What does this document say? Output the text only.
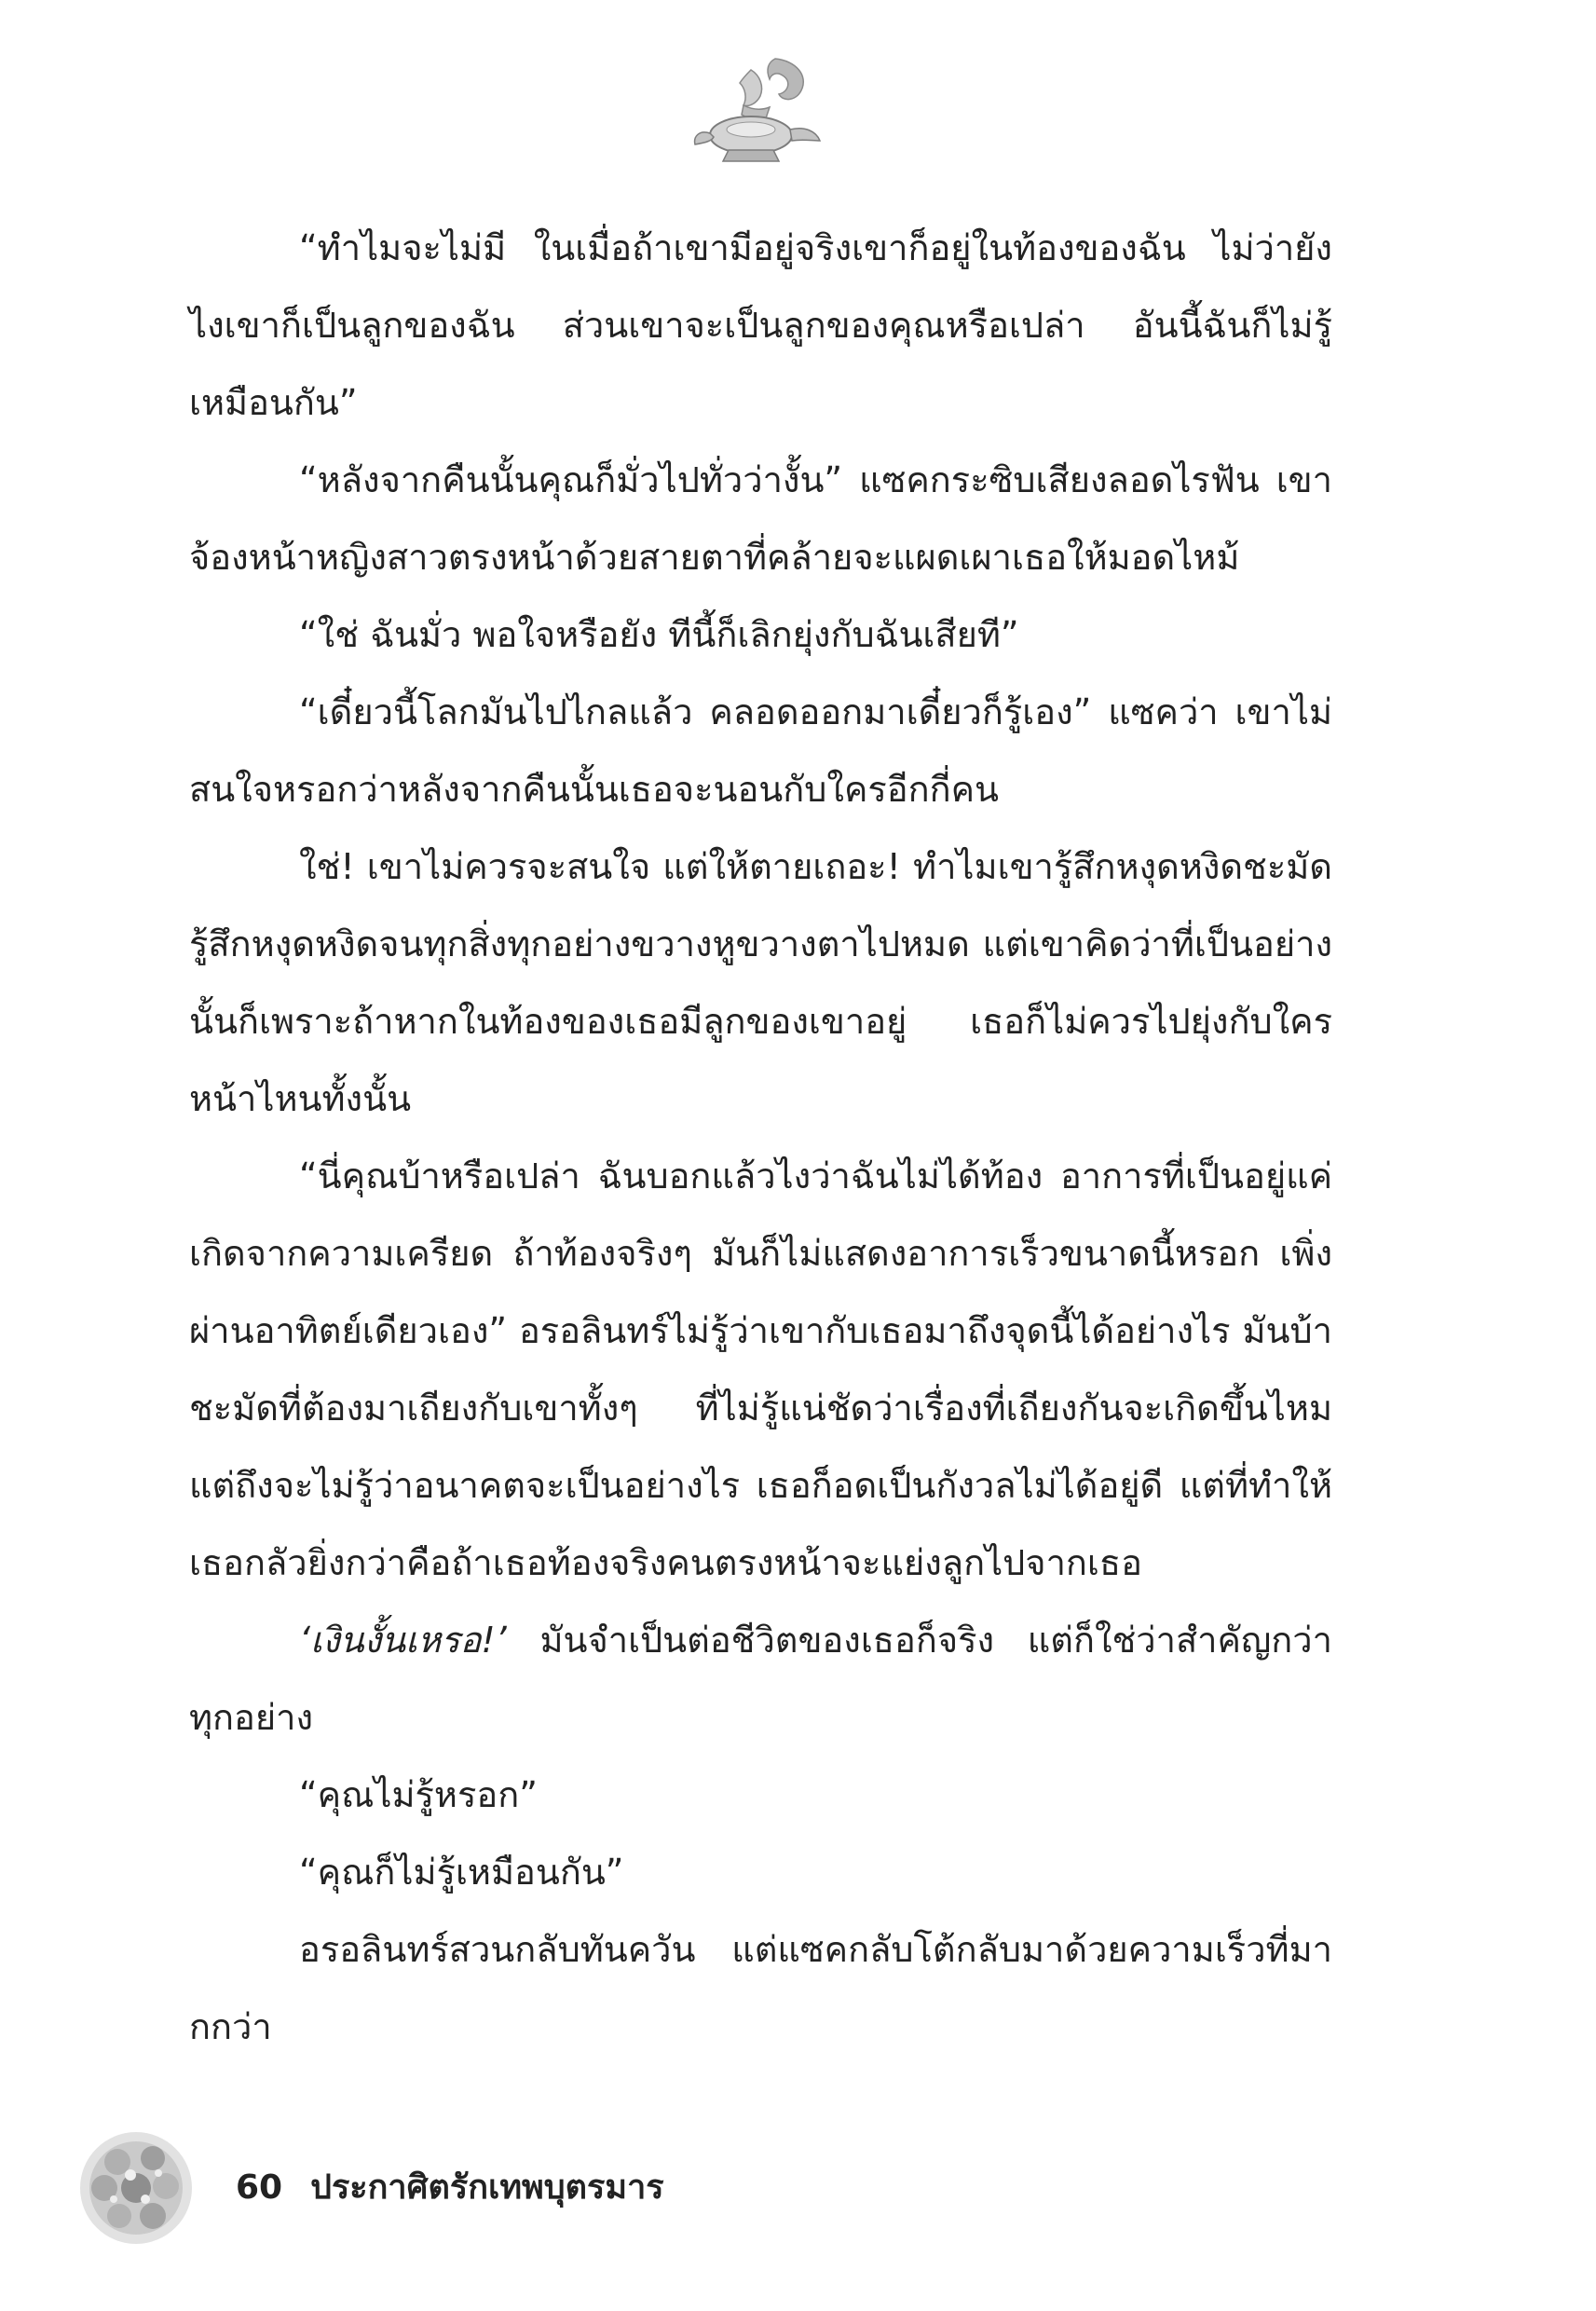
“ทำไมจะไม่มี ในเมื่อถ้าเขามีอยู่จริงเขาก็อยู่ในท้องของฉัน ไม่ว่ายังไงเขาก็เป็นลูกของฉัน ส่วนเขาจะเป็นลูกของคุณหรือเปล่า อันนี้ฉันก็ไม่รู้เหมือนกัน”

“หลังจากคืนนั้นคุณก็มั่วไปทั่วว่างั้น” แซคกระซิบเสียงลอดไรฟัน เขาจ้องหน้าหญิงสาวตรงหน้าด้วยสายตาที่คล้ายจะแผดเผาเธอให้มอดไหม้

“ใช่ ฉันมั่ว พอใจหรือยัง ทีนี้ก็เลิกยุ่งกับฉันเสียที”

“เดี๋ยวนี้โลกมันไปไกลแล้ว คลอดออกมาเดี๋ยวก็รู้เอง” แซคว่า เขาไม่สนใจหรอกว่าหลังจากคืนนั้นเธอจะนอนกับใครอีกกี่คน

ใช่! เขาไม่ควรจะสนใจ แต่ให้ตายเถอะ! ทำไมเขารู้สึกหงุดหงิดชะมัด รู้สึกหงุดหงิดจนทุกสิ่งทุกอย่างขวางหูขวางตาไปหมด แต่เขาคิดว่าที่เป็นอย่างนั้นก็เพราะถ้าหากในท้องของเธอมีลูกของเขาอยู่ เธอก็ไม่ควรไปยุ่งกับใครหน้าไหนทั้งนั้น

“นี่คุณบ้าหรือเปล่า ฉันบอกแล้วไงว่าฉันไม่ได้ท้อง อาการที่เป็นอยู่แค่เกิดจากความเครียด ถ้าท้องจริงๆ มันก็ไม่แสดงอาการเร็วขนาดนี้หรอก เพิ่งผ่านอาทิตย์เดียวเอง” อรอลินทร์ไม่รู้ว่าเขากับเธอมาถึงจุดนี้ได้อย่างไร มันบ้าชะมัดที่ต้องมาเถียงกับเขาทั้งๆ ที่ไม่รู้แน่ชัดว่าเรื่องที่เถียงกันจะเกิดขึ้นไหม แต่ถึงจะไม่รู้ว่าอนาคตจะเป็นอย่างไร เธอก็อดเป็นกังวลไม่ได้อยู่ดี แต่ที่ทำให้เธอกลัวยิ่งกว่าคือถ้าเธอท้องจริงคนตรงหน้าจะแย่งลูกไปจากเธอ

‘เงินงั้นเหรอ!’ มันจำเป็นต่อชีวิตของเธอก็จริง แต่ก็ใช่ว่าสำคัญกว่าทุกอย่าง

“คุณไม่รู้หรอก”

“คุณก็ไม่รู้เหมือนกัน”

อรอลินทร์สวนกลับทันควัน แต่แซคกลับโต้กลับมาด้วยความเร็วที่มากกว่า

60 ประกาศิตรักเทพบุตรมาร
